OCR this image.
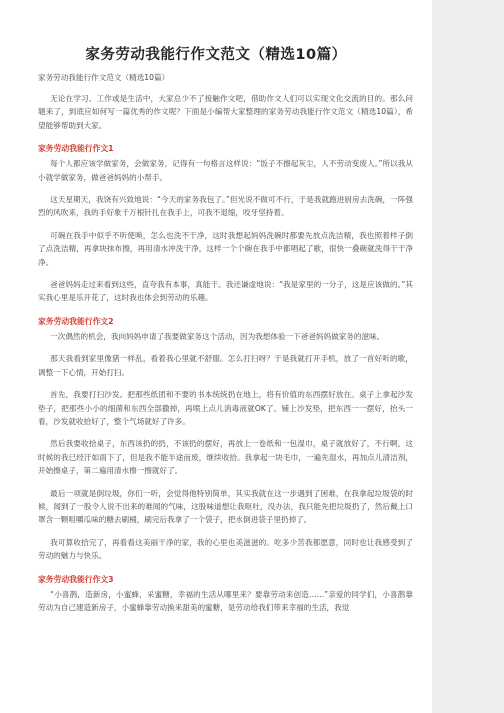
家务劳动我能行作文范文（精选10篇）
家务劳动我能行作文范文（精选10篇）

无论在学习、工作或是生活中，大家总少不了接触作文吧，借助作文人们可以实现文化交流的目的。那么问题来了，到底应如何写一篇优秀的作文呢？下面是小编帮大家整理的家务劳动我能行作文范文（精选10篇），希望能够帮助到大家。

家务劳动我能行作文1

每个人都应该学做家务，会做家务，记得有一句格言这样说：“饭子不擦起灰尘，人不劳动变废人。”所以我从小就学做家务，做爸爸妈妈的小帮手。

这天星期天，我饶有兴致地说：“今天的家务我包了。”但光说不做可不行，于是我就跑进厨房去洗碗，一阵强烈的风吹来，我的手好象千万根针扎在我手上，可我不退缩，咬牙坚持着。

可碗在我手中似乎不听使唤，怎么也洗不干净，这时我想起妈妈洗碗时都要先放点洗洁精，我也照着样子倒了点洗洁精，再拿块抹布擦，再用清水冲洗干净，这样一个个碗在我手中都唱起了歌，很快一叠碗就洗得干干净净。

爸爸妈妈走过来看到这些，直夸我有本事，真能干。我还谦虚地说：“我是家里的一分子，这是应该做的。”其实我心里是乐开花了，这时我也体会到劳动的乐趣。

家务劳动我能行作文2

一次偶然的机会，我向妈妈申请了我要做家务这个活动，因为我想体验一下爸爸妈妈做家务的滋味。

那天我看到家里像猪一样乱，看着我心里就不舒服。怎么打扫呀？于是我就打开手机，放了一首好听的歌，调整一下心情，开始打扫。

首先，我要打扫沙发。把那些纸团和不要的书本统统扔在地上，将有价值的东西摆好放在。桌子上拿起沙发垫子，把那些小小的细菌和东西全部撒掉，再喷上点儿消毒液就OK了。铺上沙发垫，把东西一一摆好，抬头一看，沙发就收拾好了，整个气场就好了许多。

然后我要收拾桌子，东西该扔的扔，不该扔的摆好，再放上一卷纸和一包湿巾，桌子就放好了，不行啊，这时候的我已经汗如雨下了，但是我不能半途而废，继续收拾。我拿起一块毛巾，一遍先湿水，再加点儿清洁剂，开始擦桌子，第二遍用清水擦一擦就好了。

最后一项就是倒垃圾，你们一听，会觉得他特别简单，其实我就在这一步遇到了困难，在我拿起垃圾袋的时候，闻到了一股令人说不出来的难闻的气味，这股味道想让我呕吐，没办法，我只能先把垃圾扔了，然后戴上口罩含一颗咀嚼瓜味的糖去刷桶，刷完后我拿了一个袋子，把水倒进袋子里扔掉了。

我可算收拾完了，再看看这美丽干净的家，我的心里也美滋滋的。吃多少苦我都愿意，同时也让我感受到了劳动的魅力与快乐。

家务劳动我能行作文3

“小喜鹊，造新房，小蜜蜂，采蜜糖，幸福的生活从哪里来？要靠劳动来创造……”亲爱的同学们，小喜鹊靠劳动为自己建造新房子，小蜜蜂靠劳动换来甜美的蜜糖，是劳动给我们带来幸福的生活，我觉
